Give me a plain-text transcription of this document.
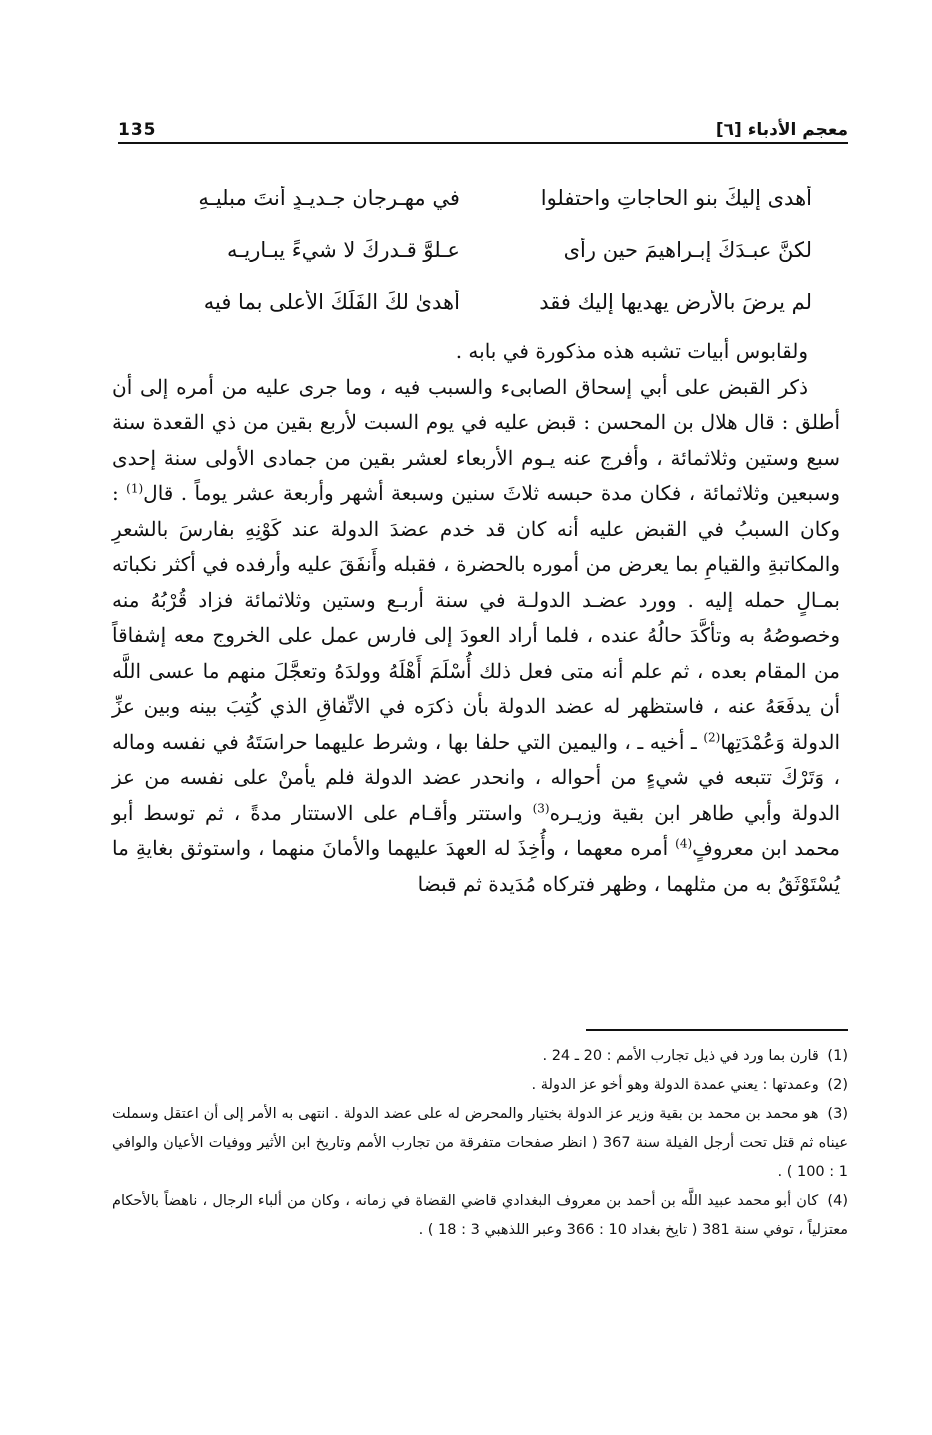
معجم الأدباء [٦]
135
أهدى إليكَ بنو الحاجاتِ واحتفلوا
في مهـرجان جـديـدٍ أنتَ مبليـهِ
لكنَّ عبـدَكَ إبـراهيمَ حين رأى
عـلوَّ قـدرِكَ لا شيءً يبـاريـه
لم يرضَ بالأرضِ يهديها إليك فقد
أهدىٰ لكَ الفَلَكَ الأعلى بما فيه

ولقابوس أبيات تشبه هذه مذكورة في بابه .

ذكر القبض على أبي إسحاق الصابىء والسبب فيه ، وما جرى عليه من أمره إلى أن أطلق : قال هلال بن المحسن : قبض عليه في يوم السبت لأربع بقين من ذي القعدة سنة سبع وستين وثلاثمائة ، وأفرج عنه يـوم الأربعاء لعشر بقين من جمادى الأولى سنة إحدى وسبعين وثلاثمائة ، فكان مدة حبسه ثلاثَ سنين وسبعة أشهر وأربعة عشر يوماً . قال$^{(1)}$ : وكان السببُ في القبض عليه أنه كان قد خدم عضدَ الدولة عند كَوْنِهِ بفارسَ بالشعرِ والمكاتبةِ والقيامِ بما يعرض من أموره بالحضرة ، فقبله وأَنفَقَ عليه وأرفده في أكثر نكباته بمـالٍ حمله إليه . وورد عضـد الدولـة في سنة أربـع وستين وثلاثمائة فزاد قُرْبُهُ منه وخصوصُهُ به وتأكَّدَ حالُهُ عنده ، فلما أراد العودَ إلى فارس عمل على الخروج معه إشفاقاً من المقام بعده ، ثم علم أنه متى فعل ذلك أُسْلَمَ أَهْلَهُ وولدَهُ وتعجَّلَ منهم ما عسى اللَّه أن يدفَعَهُ عنه ، فاستظهر له عضد الدولة بأن ذكرَه في الاتِّفاقِ الذي كُتِبَ بينه وبين عزِّ الدولة وَعُمْدَتِها$^{(2)}$ ـ أخيه ـ ، واليمين التي حلفا بها ، وشرط عليهما حراسَتَهُ في نفسه وماله ، وَتَرْكَ تتبعه في شيءٍ من أحواله ، وانحدر عضد الدولة فلم يأمنْ على نفسه من عز الدولة وأبي طاهر ابن بقية وزيـره$^{(3)}$ واستتر وأقـام على الاستتار مدةً ، ثم توسط أبو محمد ابن معروفٍ$^{(4)}$ أمره معهما ، وأُخِذَ له العهدَ عليهما والأمانَ منهما ، واستوثق بغايةِ ما يُسْتَوْثَقُ به من مثلهما ، وظهر فتركاه مُدَيدة ثم قبضا

(1) قارن بما ورد في ذيل تجارب الأمم : 20 ـ 24 .

(2) وعمدتها : يعني عمدة الدولة وهو أخو عز الدولة .

(3) هو محمد بن محمد بن بقية وزير عز الدولة بختيار والمحرض له على عضد الدولة . انتهى به الأمر إلى أن اعتقل وسملت عيناه ثم قتل تحت أرجل الفيلة سنة 367 ( انظر صفحات متفرقة من تجارب الأمم وتاريخ ابن الأثير ووفيات الأعيان والوافي 1 : 100 ) .

(4) كان أبو محمد عبيد اللَّه بن أحمد بن معروف البغدادي قاضي القضاة في زمانه ، وكان من ألباء الرجال ، ناهضاً بالأحكام معتزلياً ، توفي سنة 381 ( تايخ بغداد 10 : 366 وعبر اللذهبي 3 : 18 ) .
